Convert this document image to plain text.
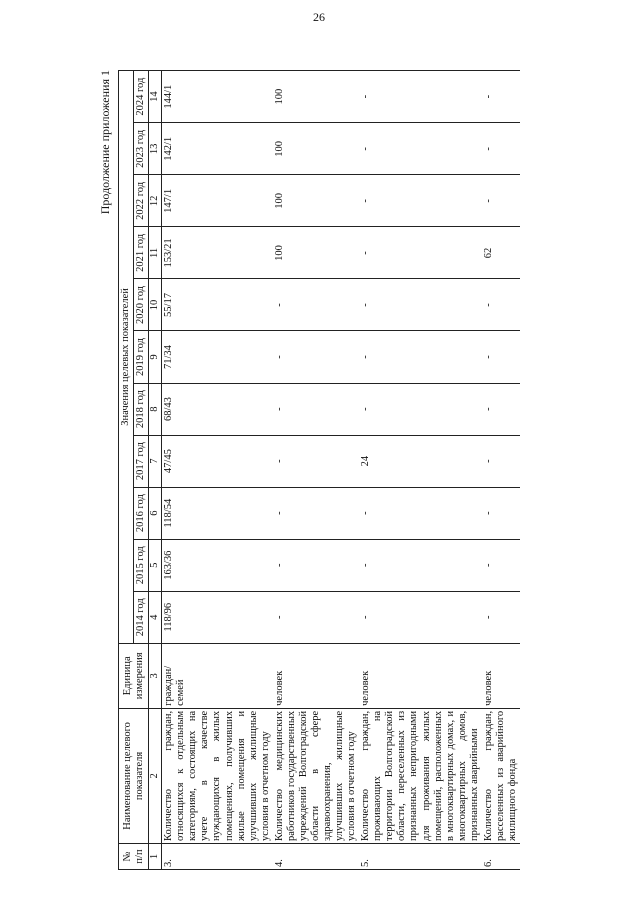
26
Продолжение приложения 1
№ п/п	Наименование целевого показателя	Единица измерения	Значения целевых показателей										
			2014 год	2015 год	2016 год	2017 год	2018 год	2019 год	2020 год	2021 год	2022 год	2023 год	2024 год
1	2	3	4	5	6	7	8	9	10	11	12	13	14
3.	Количество граждан, относящихся к отдельным категориям, состоящих на учете в качестве нуждающихся в жилых помещениях, получивших жилые помещения и улучшивших жилищные условия в отчетном году	граждан/ семей	118/96	163/36	118/54	47/45	68/43	71/34	55/17	153/21	147/1	142/1	144/1
4.	Количество медицинских работников государственных учреждений Волгоградской области в сфере здравоохранения, улучшивших жилищные условия в отчетном году	человек	-	-	-	-	-	-	-	100	100	100	100
5.	Количество граждан, проживающих на территории Волгоградской области, переселенных из признанных непригодными для проживания жилых помещений, расположенных в многоквартирных домах, и многоквартирных домов, признанных аварийными	человек	-	-	-	24	-	-	-	-	-	-	-
6.	Количество граждан, расселенных из аварийного жилищного фонда	человек	-	-	-	-	-	-	-	62	-	-	-
